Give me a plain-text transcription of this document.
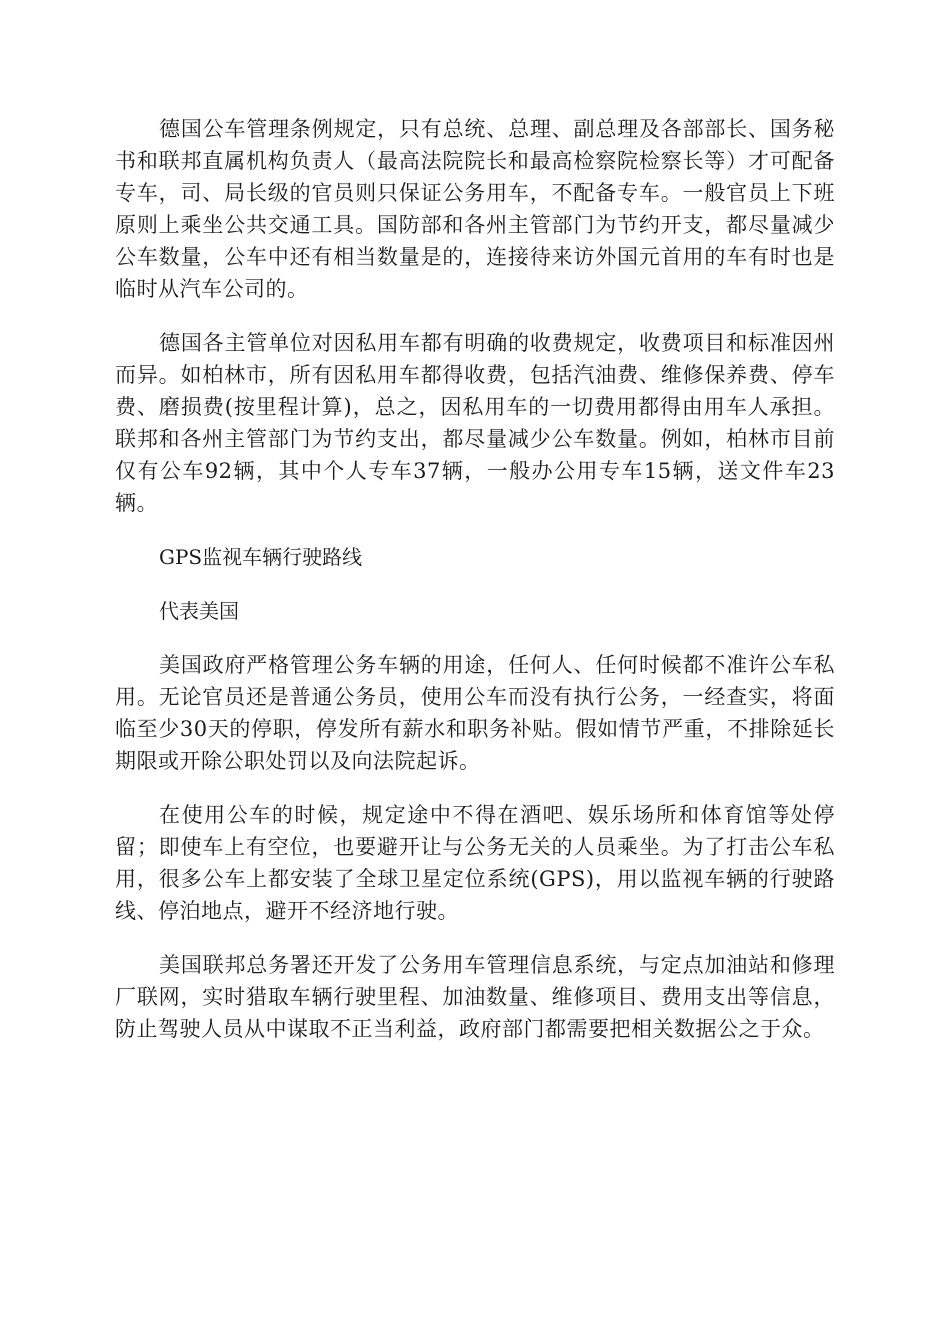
德国公车管理条例规定，只有总统、总理、副总理及各部部长、国务秘书和联邦直属机构负责人（最高法院院长和最高检察院检察长等）才可配备专车，司、局长级的官员则只保证公务用车，不配备专车。一般官员上下班原则上乘坐公共交通工具。国防部和各州主管部门为节约开支，都尽量减少公车数量，公车中还有相当数量是的，连接待来访外国元首用的车有时也是临时从汽车公司的。

德国各主管单位对因私用车都有明确的收费规定，收费项目和标准因州而异。如柏林市，所有因私用车都得收费，包括汽油费、维修保养费、停车费、磨损费(按里程计算)，总之，因私用车的一切费用都得由用车人承担。联邦和各州主管部门为节约支出，都尽量减少公车数量。例如，柏林市目前仅有公车92辆，其中个人专车37辆，一般办公用专车15辆，送文件车23辆。

GPS监视车辆行驶路线

代表美国

美国政府严格管理公务车辆的用途，任何人、任何时候都不准许公车私用。无论官员还是普通公务员，使用公车而没有执行公务，一经查实，将面临至少30天的停职，停发所有薪水和职务补贴。假如情节严重，不排除延长期限或开除公职处罚以及向法院起诉。

在使用公车的时候，规定途中不得在酒吧、娱乐场所和体育馆等处停留；即使车上有空位，也要避开让与公务无关的人员乘坐。为了打击公车私用，很多公车上都安装了全球卫星定位系统(GPS)，用以监视车辆的行驶路线、停泊地点，避开不经济地行驶。

美国联邦总务署还开发了公务用车管理信息系统，与定点加油站和修理厂联网，实时猎取车辆行驶里程、加油数量、维修项目、费用支出等信息，防止驾驶人员从中谋取不正当利益，政府部门都需要把相关数据公之于众。
